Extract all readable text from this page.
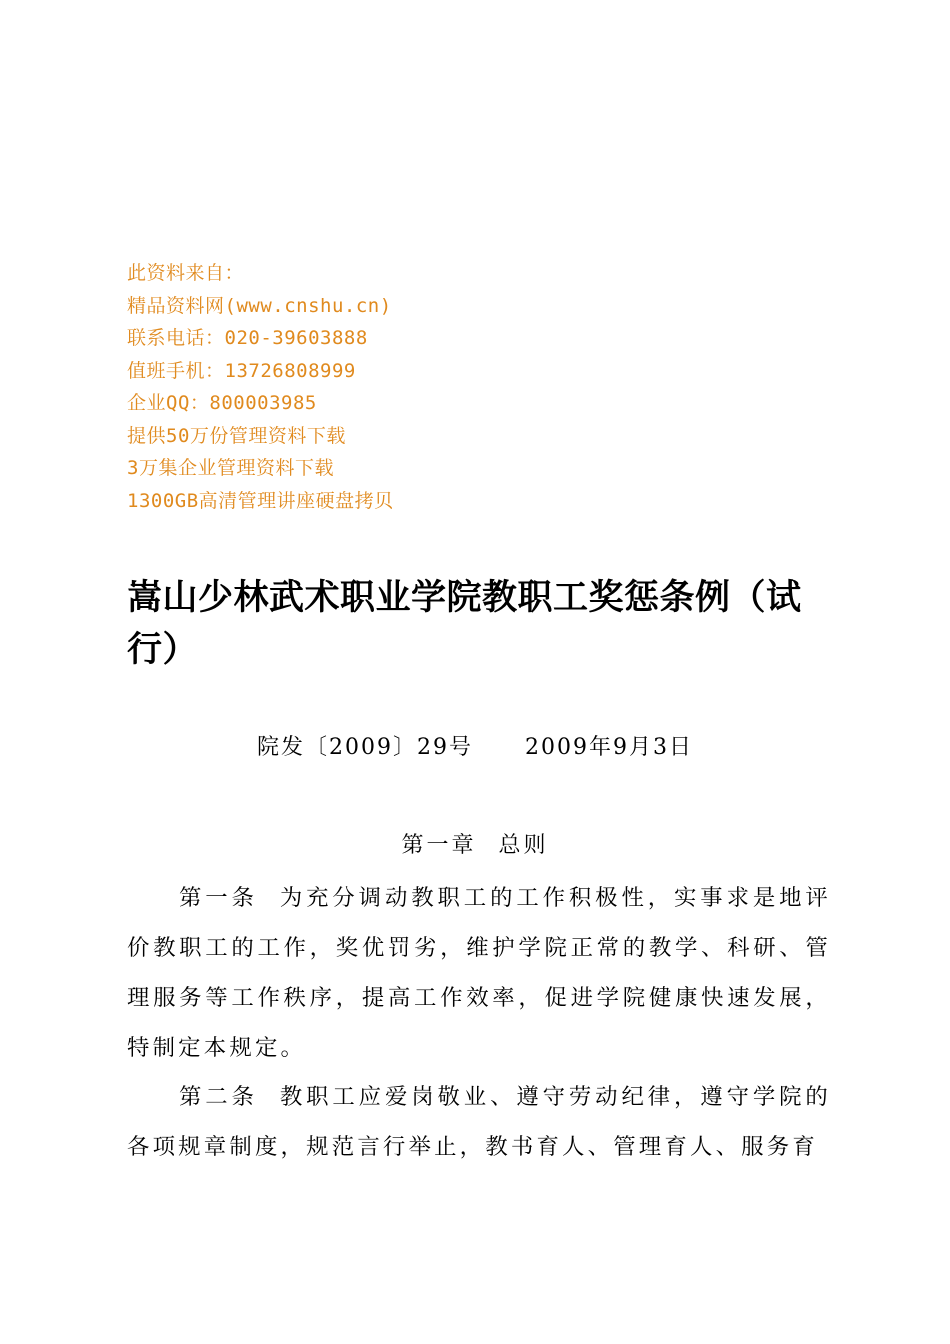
此资料来自：
精品资料网(www.cnshu.cn)
联系电话：020-39603888
值班手机：13726808999
企业QQ：800003985
提供50万份管理资料下载
3万集企业管理资料下载
1300GB高清管理讲座硬盘拷贝
嵩山少林武术职业学院教职工奖惩条例（试行）
院发〔2009〕29号 2009年9月3日
第一章 总则

第一条 为充分调动教职工的工作积极性，实事求是地评价教职工的工作，奖优罚劣，维护学院正常的教学、科研、管理服务等工作秩序，提高工作效率，促进学院健康快速发展，特制定本规定。

第二条 教职工应爱岗敬业、遵守劳动纪律，遵守学院的各项规章制度，规范言行举止，教书育人、管理育人、服务育
